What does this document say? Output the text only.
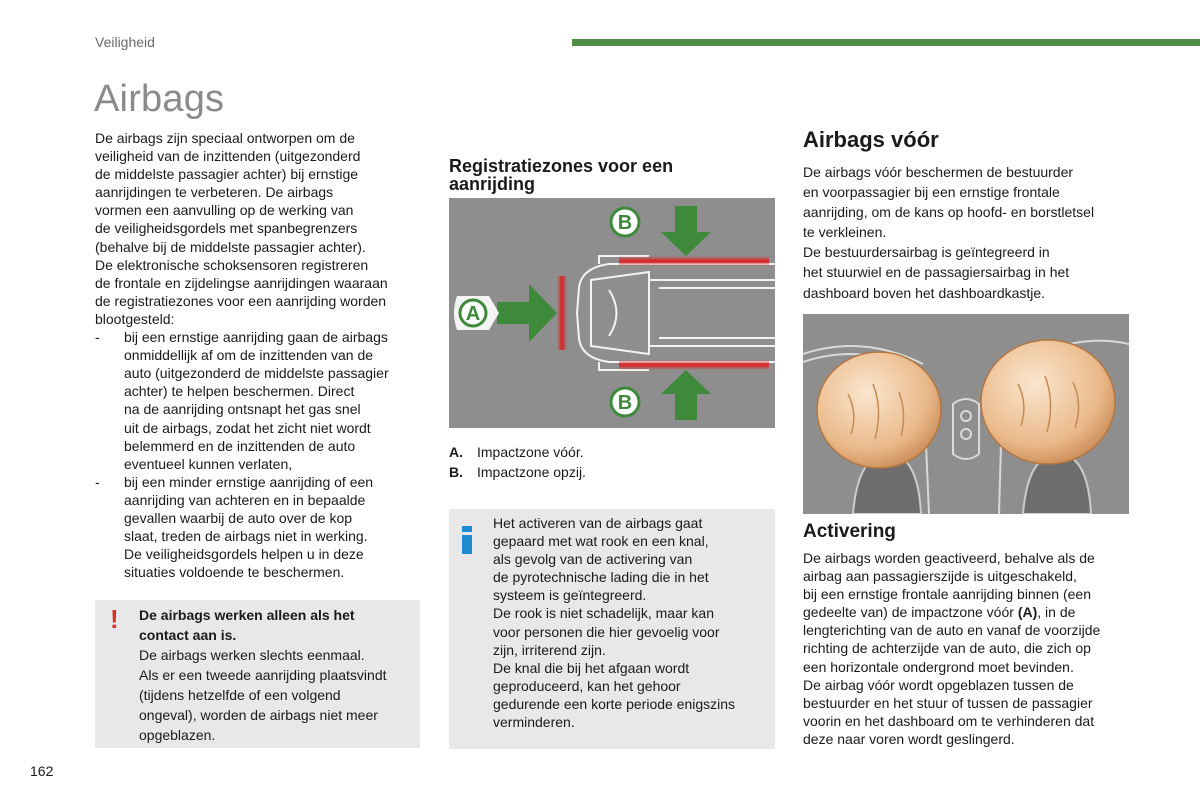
Veiligheid
Airbags

De airbags zijn speciaal ontworpen om de
veiligheid van de inzittenden (uitgezonderd
de middelste passagier achter) bij ernstige
aanrijdingen te verbeteren. De airbags
vormen een aanvulling op de werking van
de veiligheidsgordels met spanbegrenzers
(behalve bij de middelste passagier achter).
De elektronische schoksensoren registreren
de frontale en zijdelingse aanrijdingen waaraan
de registratiezones voor een aanrijding worden
blootgesteld:

- bij een ernstige aanrijding gaan de airbags
onmiddellijk af om de inzittenden van de
auto (uitgezonderd de middelste passagier
achter) te helpen beschermen. Direct
na de aanrijding ontsnapt het gas snel
uit de airbags, zodat het zicht niet wordt
belemmerd en de inzittenden de auto
eventueel kunnen verlaten,
- bij een minder ernstige aanrijding of een
aanrijding van achteren en in bepaalde
gevallen waarbij de auto over de kop
slaat, treden de airbags niet in werking.
De veiligheidsgordels helpen u in deze
situaties voldoende te beschermen.
! De airbags werken alleen als het
contact aan is.
De airbags werken slechts eenmaal.
Als er een tweede aanrijding plaatsvindt
(tijdens hetzelfde of een volgend
ongeval), worden de airbags niet meer
opgeblazen.
Registratiezones voor een
aanrijding
A
B
B
A. Impactzone vóór.
B. Impactzone opzij.
Het activeren van de airbags gaat
gepaard met wat rook en een knal,
als gevolg van de activering van
de pyrotechnische lading die in het
systeem is geïntegreerd.
De rook is niet schadelijk, maar kan
voor personen die hier gevoelig voor
zijn, irriterend zijn.
De knal die bij het afgaan wordt
geproduceerd, kan het gehoor
gedurende een korte periode enigszins
verminderen.
Airbags vóór
De airbags vóór beschermen de bestuurder
en voorpassagier bij een ernstige frontale
aanrijding, om de kans op hoofd- en borstletsel
te verkleinen.
De bestuurdersairbag is geïntegreerd in
het stuurwiel en de passagiersairbag in het
dashboard boven het dashboardkastje.
Activering
De airbags worden geactiveerd, behalve als de
airbag aan passagierszijde is uitgeschakeld,
bij een ernstige frontale aanrijding binnen (een
gedeelte van) de impactzone vóór (A), in de
lengterichting van de auto en vanaf de voorzijde
richting de achterzijde van de auto, die zich op
een horizontale ondergrond moet bevinden.
De airbag vóór wordt opgeblazen tussen de
bestuurder en het stuur of tussen de passagier
voorin en het dashboard om te verhinderen dat
deze naar voren wordt geslingerd.
162
